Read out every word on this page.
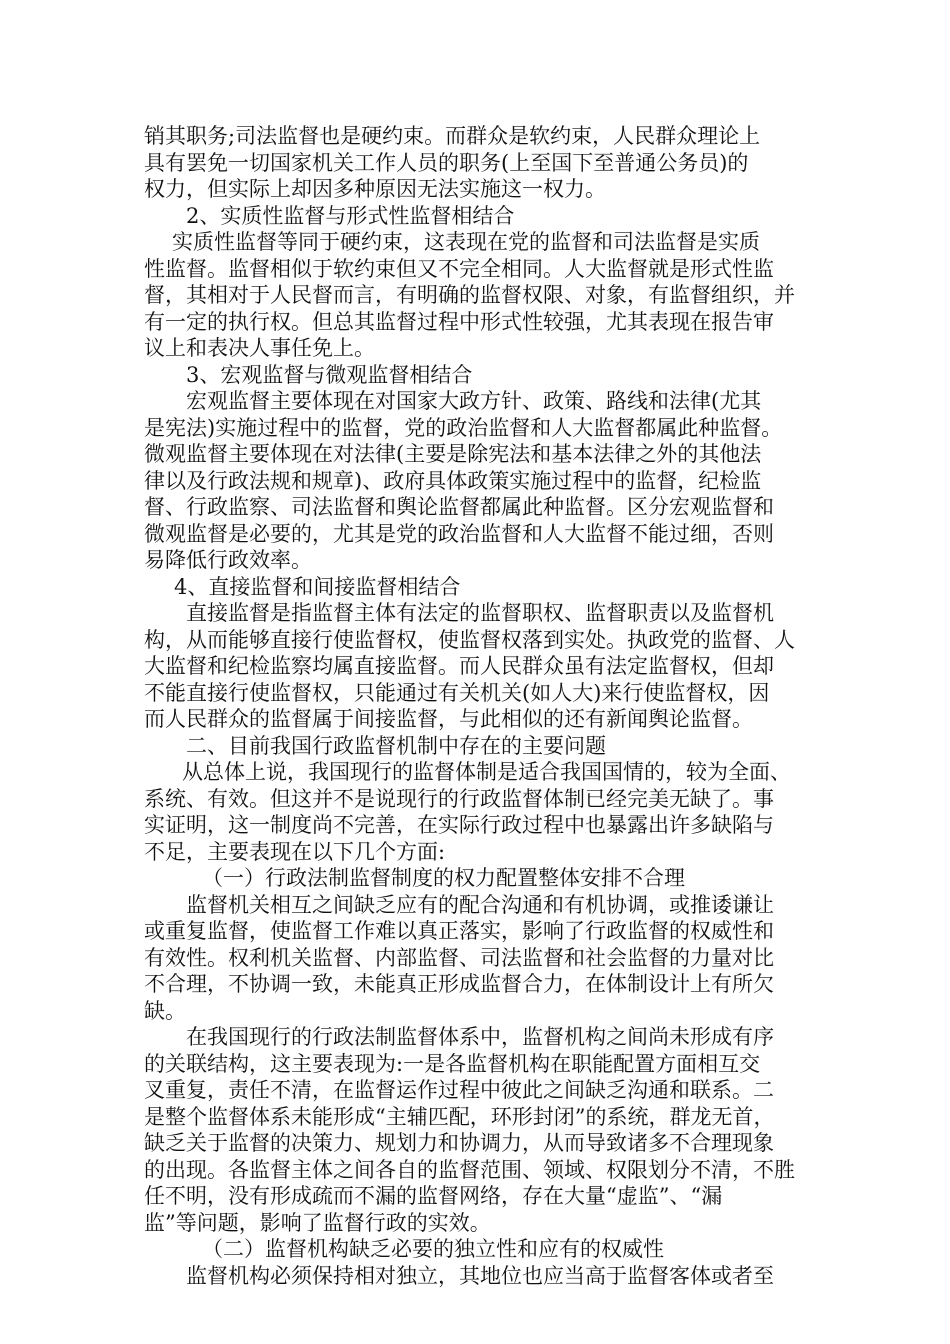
销其职务;司法监督也是硬约束。而群众是软约束，人民群众理论上
具有罢免一切国家机关工作人员的职务(上至国下至普通公务员)的
权力，但实际上却因多种原因无法实施这一权力。
2、实质性监督与形式性监督相结合
实质性监督等同于硬约束，这表现在党的监督和司法监督是实质
性监督。监督相似于软约束但又不完全相同。人大监督就是形式性监
督，其相对于人民督而言，有明确的监督权限、对象，有监督组织，并
有一定的执行权。但总其监督过程中形式性较强，尤其表现在报告审
议上和表决人事任免上。
3、宏观监督与微观监督相结合
宏观监督主要体现在对国家大政方针、政策、路线和法律(尤其
是宪法)实施过程中的监督，党的政治监督和人大监督都属此种监督。
微观监督主要体现在对法律(主要是除宪法和基本法律之外的其他法
律以及行政法规和规章)、政府具体政策实施过程中的监督，纪检监
督、行政监察、司法监督和舆论监督都属此种监督。区分宏观监督和
微观监督是必要的，尤其是党的政治监督和人大监督不能过细，否则
易降低行政效率。
4、直接监督和间接监督相结合
直接监督是指监督主体有法定的监督职权、监督职责以及监督机
构，从而能够直接行使监督权，使监督权落到实处。执政党的监督、人
大监督和纪检监察均属直接监督。而人民群众虽有法定监督权，但却
不能直接行使监督权，只能通过有关机关(如人大)来行使监督权，因
而人民群众的监督属于间接监督，与此相似的还有新闻舆论监督。
二、目前我国行政监督机制中存在的主要问题
从总体上说，我国现行的监督体制是适合我国国情的，较为全面、
系统、有效。但这并不是说现行的行政监督体制已经完美无缺了。事
实证明，这一制度尚不完善，在实际行政过程中也暴露出许多缺陷与
不足，主要表现在以下几个方面:
（一）行政法制监督制度的权力配置整体安排不合理
监督机关相互之间缺乏应有的配合沟通和有机协调，或推诿谦让
或重复监督，使监督工作难以真正落实，影响了行政监督的权威性和
有效性。权利机关监督、内部监督、司法监督和社会监督的力量对比
不合理，不协调一致，未能真正形成监督合力，在体制设计上有所欠
缺。
在我国现行的行政法制监督体系中，监督机构之间尚未形成有序
的关联结构，这主要表现为:一是各监督机构在职能配置方面相互交
叉重复，责任不清，在监督运作过程中彼此之间缺乏沟通和联系。二
是整个监督体系未能形成“主辅匹配，环形封闭”的系统，群龙无首，
缺乏关于监督的决策力、规划力和协调力，从而导致诸多不合理现象
的出现。各监督主体之间各自的监督范围、领域、权限划分不清，不胜
任不明，没有形成疏而不漏的监督网络，存在大量“虚监”、“漏
监”等问题，影响了监督行政的实效。
（二）监督机构缺乏必要的独立性和应有的权威性
监督机构必须保持相对独立，其地位也应当高于监督客体或者至
